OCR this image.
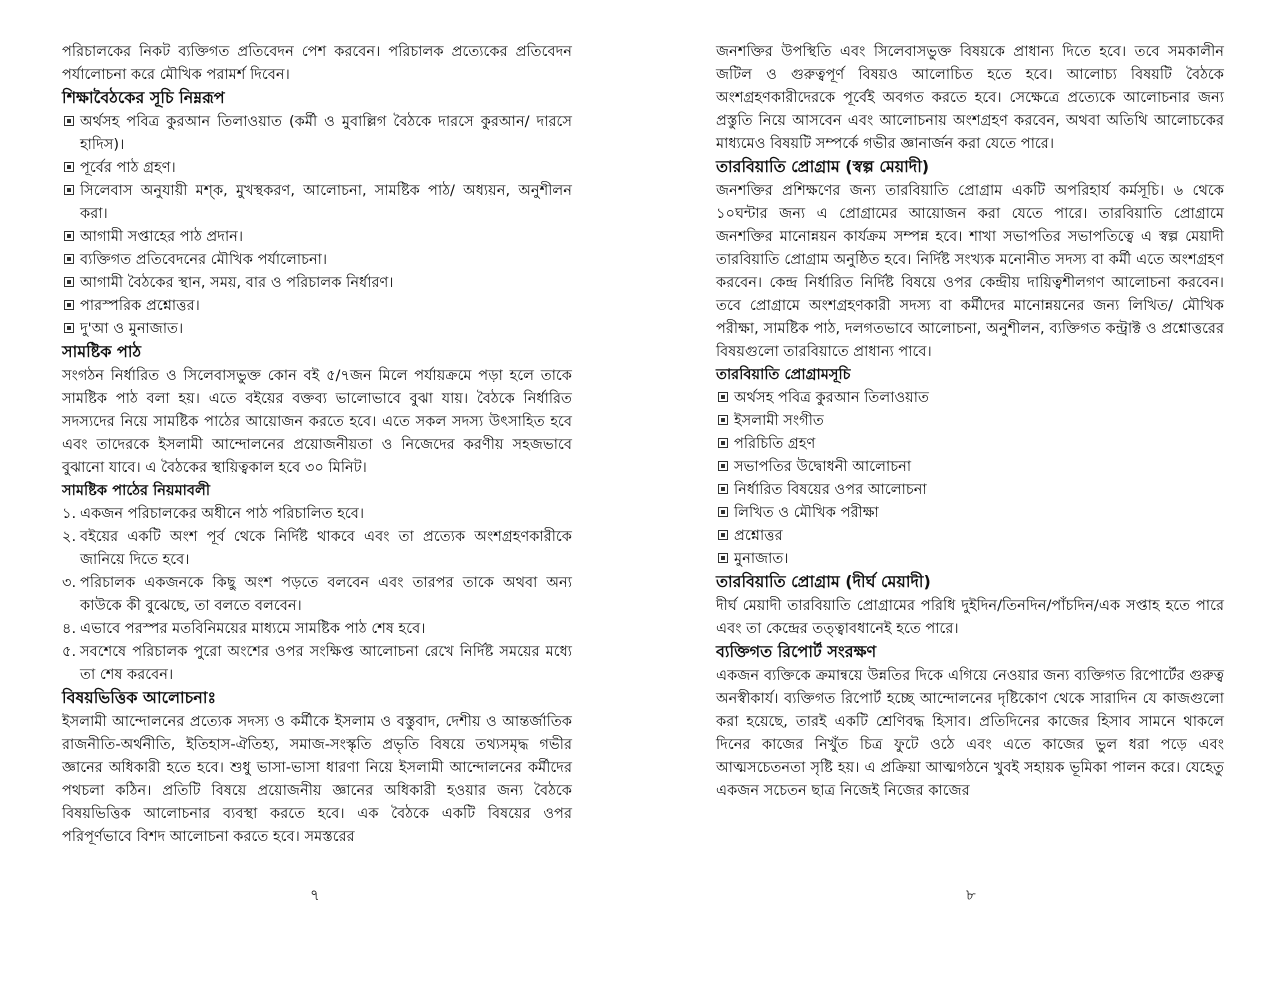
পরিচালকের নিকট ব্যক্তিগত প্রতিবেদন পেশ করবেন। পরিচালক প্রত্যেকের প্রতিবেদন পর্যালোচনা করে মৌখিক পরামর্শ দিবেন।

শিক্ষাবৈঠকের সূচি নিম্নরূপ
অর্থসহ পবিত্র কুরআন তিলাওয়াত (কর্মী ও মুবাল্লিগ বৈঠকে দারসে কুরআন/ দারসে হাদিস)।
পূর্বের পাঠ গ্রহণ।
সিলেবাস অনুযায়ী মশ্ক, মুখস্থকরণ, আলোচনা, সামষ্টিক পাঠ/ অধ্যয়ন, অনুশীলন করা।
আগামী সপ্তাহের পাঠ প্রদান।
ব্যক্তিগত প্রতিবেদনের মৌখিক পর্যালোচনা।
আগামী বৈঠকের স্থান, সময়, বার ও পরিচালক নির্ধারণ।
পারস্পরিক প্রশ্নোত্তর।
দু'আ ও মুনাজাত।
সামষ্টিক পাঠ

সংগঠন নির্ধারিত ও সিলেবাসভুক্ত কোন বই ৫/৭জন মিলে পর্যায়ক্রমে পড়া হলে তাকে সামষ্টিক পাঠ বলা হয়। এতে বইয়ের বক্তব্য ভালোভাবে বুঝা যায়। বৈঠকে নির্ধারিত সদস্যদের নিয়ে সামষ্টিক পাঠের আয়োজন করতে হবে। এতে সকল সদস্য উৎসাহিত হবে এবং তাদেরকে ইসলামী আন্দোলনের প্রয়োজনীয়তা ও নিজেদের করণীয় সহজভাবে বুঝানো যাবে। এ বৈঠকের স্থায়িত্বকাল হবে ৩০ মিনিট।

সামষ্টিক পাঠের নিয়মাবলী
১. একজন পরিচালকের অধীনে পাঠ পরিচালিত হবে।
২. বইয়ের একটি অংশ পূর্ব থেকে নির্দিষ্ট থাকবে এবং তা প্রত্যেক অংশগ্রহণকারীকে জানিয়ে দিতে হবে।
৩. পরিচালক একজনকে কিছু অংশ পড়তে বলবেন এবং তারপর তাকে অথবা অন্য কাউকে কী বুঝেছে, তা বলতে বলবেন।
৪. এভাবে পরস্পর মতবিনিময়ের মাধ্যমে সামষ্টিক পাঠ শেষ হবে।
৫. সবশেষে পরিচালক পুরো অংশের ওপর সংক্ষিপ্ত আলোচনা রেখে নির্দিষ্ট সময়ের মধ্যে তা শেষ করবেন।
বিষয়ভিত্তিক আলোচনাঃ

ইসলামী আন্দোলনের প্রত্যেক সদস্য ও কর্মীকে ইসলাম ও বস্তুবাদ, দেশীয় ও আন্তর্জাতিক রাজনীতি-অর্থনীতি, ইতিহাস-ঐতিহ্য, সমাজ-সংস্কৃতি প্রভৃতি বিষয়ে তথ্যসমৃদ্ধ গভীর জ্ঞানের অধিকারী হতে হবে। শুধু ভাসা-ভাসা ধারণা নিয়ে ইসলামী আন্দোলনের কর্মীদের পথচলা কঠিন। প্রতিটি বিষয়ে প্রয়োজনীয় জ্ঞানের অধিকারী হওয়ার জন্য বৈঠকে বিষয়ভিত্তিক আলোচনার ব্যবস্থা করতে হবে। এক বৈঠকে একটি বিষয়ের ওপর পরিপূর্ণভাবে বিশদ আলোচনা করতে হবে। সমস্তরের

৭

জনশক্তির উপস্থিতি এবং সিলেবাসভুক্ত বিষয়কে প্রাধান্য দিতে হবে। তবে সমকালীন জটিল ও গুরুত্বপূর্ণ বিষয়ও আলোচিত হতে হবে। আলোচ্য বিষয়টি বৈঠকে অংশগ্রহণকারীদেরকে পূর্বেই অবগত করতে হবে। সেক্ষেত্রে প্রত্যেকে আলোচনার জন্য প্রস্তুতি নিয়ে আসবেন এবং আলোচনায় অংশগ্রহণ করবেন, অথবা অতিথি আলোচকের মাধ্যমেও বিষয়টি সম্পর্কে গভীর জ্ঞানার্জন করা যেতে পারে।

তারবিয়াতি প্রোগ্রাম (স্বল্প মেয়াদী)

জনশক্তির প্রশিক্ষণের জন্য তারবিয়াতি প্রোগ্রাম একটি অপরিহার্য কর্মসূচি। ৬ থেকে ১০ঘন্টার জন্য এ প্রোগ্রামের আয়োজন করা যেতে পারে। তারবিয়াতি প্রোগ্রামে জনশক্তির মানোন্নয়ন কার্যক্রম সম্পন্ন হবে। শাখা সভাপতির সভাপতিত্বে এ স্বল্প মেয়াদী তারবিয়াতি প্রোগ্রাম অনুষ্ঠিত হবে। নির্দিষ্ট সংখ্যক মনোনীত সদস্য বা কর্মী এতে অংশগ্রহণ করবেন। কেন্দ্র নির্ধারিত নির্দিষ্ট বিষয়ে ওপর কেন্দ্রীয় দায়িত্বশীলগণ আলোচনা করবেন। তবে প্রোগ্রামে অংশগ্রহণকারী সদস্য বা কর্মীদের মানোন্নয়নের জন্য লিখিত/ মৌখিক পরীক্ষা, সামষ্টিক পাঠ, দলগতভাবে আলোচনা, অনুশীলন, ব্যক্তিগত কন্ট্রাক্ট ও প্রশ্নোত্তরের বিষয়গুলো তারবিয়াতে প্রাধান্য পাবে।

তারবিয়াতি প্রোগ্রামসূচি
অর্থসহ পবিত্র কুরআন তিলাওয়াত
ইসলামী সংগীত
পরিচিতি গ্রহণ
সভাপতির উদ্বোধনী আলোচনা
নির্ধারিত বিষয়ের ওপর আলোচনা
লিখিত ও মৌখিক পরীক্ষা
প্রশ্নোত্তর
মুনাজাত।
তারবিয়াতি প্রোগ্রাম (দীর্ঘ মেয়াদী)

দীর্ঘ মেয়াদী তারবিয়াতি প্রোগ্রামের পরিধি দুইদিন/তিনদিন/পাঁচদিন/এক সপ্তাহ হতে পারে এবং তা কেন্দ্রের তত্ত্বাবধানেই হতে পারে।

ব্যক্তিগত রিপোর্ট সংরক্ষণ

একজন ব্যক্তিকে ক্রমান্বয়ে উন্নতির দিকে এগিয়ে নেওয়ার জন্য ব্যক্তিগত রিপোর্টের গুরুত্ব অনস্বীকার্য। ব্যক্তিগত রিপোর্ট হচ্ছে আন্দোলনের দৃষ্টিকোণ থেকে সারাদিন যে কাজগুলো করা হয়েছে, তারই একটি শ্রেণিবদ্ধ হিসাব। প্রতিদিনের কাজের হিসাব সামনে থাকলে দিনের কাজের নিখুঁত চিত্র ফুটে ওঠে এবং এতে কাজের ভুল ধরা পড়ে এবং আত্মসচেতনতা সৃষ্টি হয়। এ প্রক্রিয়া আত্মগঠনে খুবই সহায়ক ভূমিকা পালন করে। যেহেতু একজন সচেতন ছাত্র নিজেই নিজের কাজের

৮
